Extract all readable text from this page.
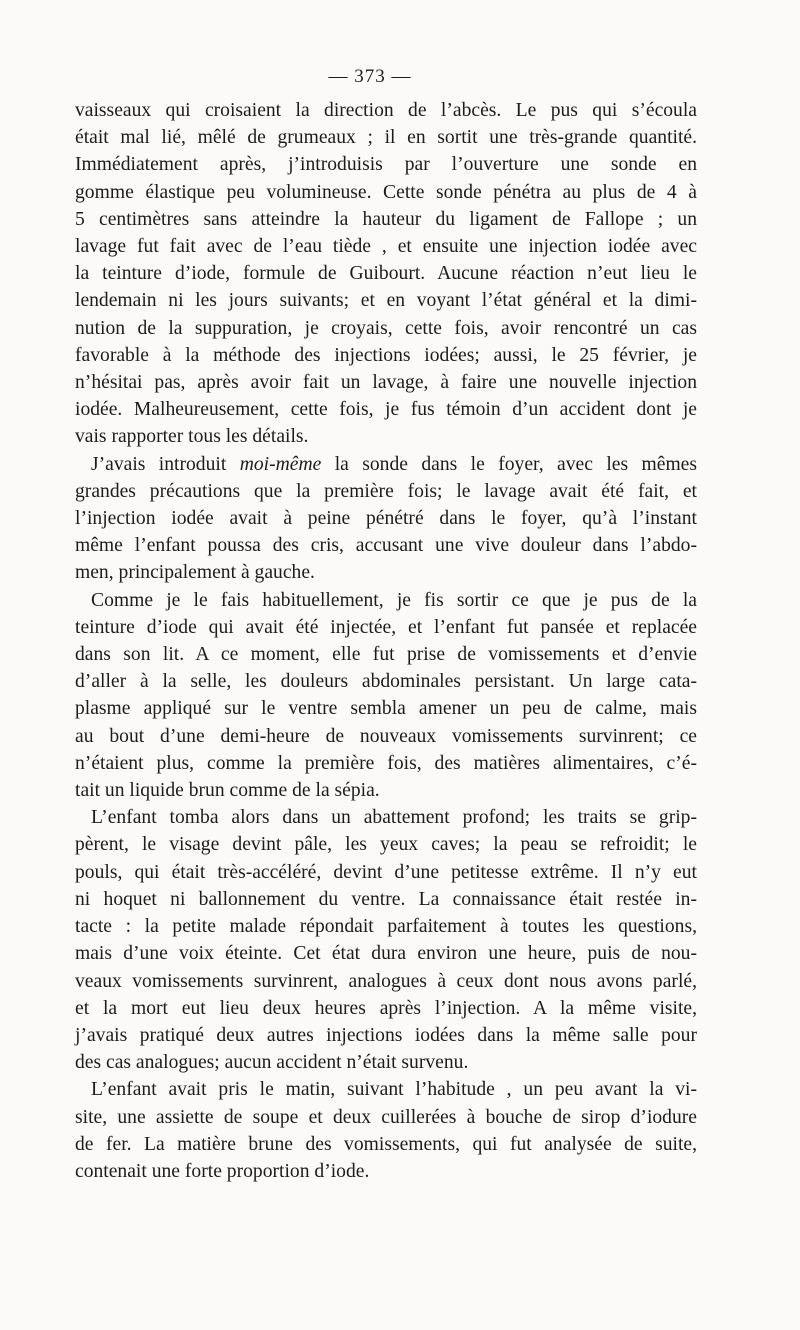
— 373 —

vaisseaux qui croisaient la direction de l’abcès. Le pus qui s’écoula
était mal lié, mêlé de grumeaux ; il en sortit une très-grande quantité.
Immédiatement après, j’introduisis par l’ouverture une sonde en
gomme élastique peu volumineuse. Cette sonde pénétra au plus de 4 à
5 centimètres sans atteindre la hauteur du ligament de Fallope ; un
lavage fut fait avec de l’eau tiède , et ensuite une injection iodée avec
la teinture d’iode, formule de Guibourt. Aucune réaction n’eut lieu le
lendemain ni les jours suivants; et en voyant l’état général et la dimi-
nution de la suppuration, je croyais, cette fois, avoir rencontré un cas
favorable à la méthode des injections iodées; aussi, le 25 février, je
n’hésitai pas, après avoir fait un lavage, à faire une nouvelle injection
iodée. Malheureusement, cette fois, je fus témoin d’un accident dont je
vais rapporter tous les détails.

J’avais introduit moi-même la sonde dans le foyer, avec les mêmes
grandes précautions que la première fois; le lavage avait été fait, et
l’injection iodée avait à peine pénétré dans le foyer, qu’à l’instant
même l’enfant poussa des cris, accusant une vive douleur dans l’abdo-
men, principalement à gauche.

Comme je le fais habituellement, je fis sortir ce que je pus de la
teinture d’iode qui avait été injectée, et l’enfant fut pansée et replacée
dans son lit. A ce moment, elle fut prise de vomissements et d’envie
d’aller à la selle, les douleurs abdominales persistant. Un large cata-
plasme appliqué sur le ventre sembla amener un peu de calme, mais
au bout d’une demi-heure de nouveaux vomissements survinrent; ce
n’étaient plus, comme la première fois, des matières alimentaires, c’é-
tait un liquide brun comme de la sépia.

L’enfant tomba alors dans un abattement profond; les traits se grip-
pèrent, le visage devint pâle, les yeux caves; la peau se refroidit; le
pouls, qui était très-accéléré, devint d’une petitesse extrême. Il n’y eut
ni hoquet ni ballonnement du ventre. La connaissance était restée in-
tacte : la petite malade répondait parfaitement à toutes les questions,
mais d’une voix éteinte. Cet état dura environ une heure, puis de nou-
veaux vomissements survinrent, analogues à ceux dont nous avons parlé,
et la mort eut lieu deux heures après l’injection. A la même visite,
j’avais pratiqué deux autres injections iodées dans la même salle pour
des cas analogues; aucun accident n’était survenu.

L’enfant avait pris le matin, suivant l’habitude , un peu avant la vi-
site, une assiette de soupe et deux cuillerées à bouche de sirop d’iodure
de fer. La matière brune des vomissements, qui fut analysée de suite,
contenait une forte proportion d’iode.
